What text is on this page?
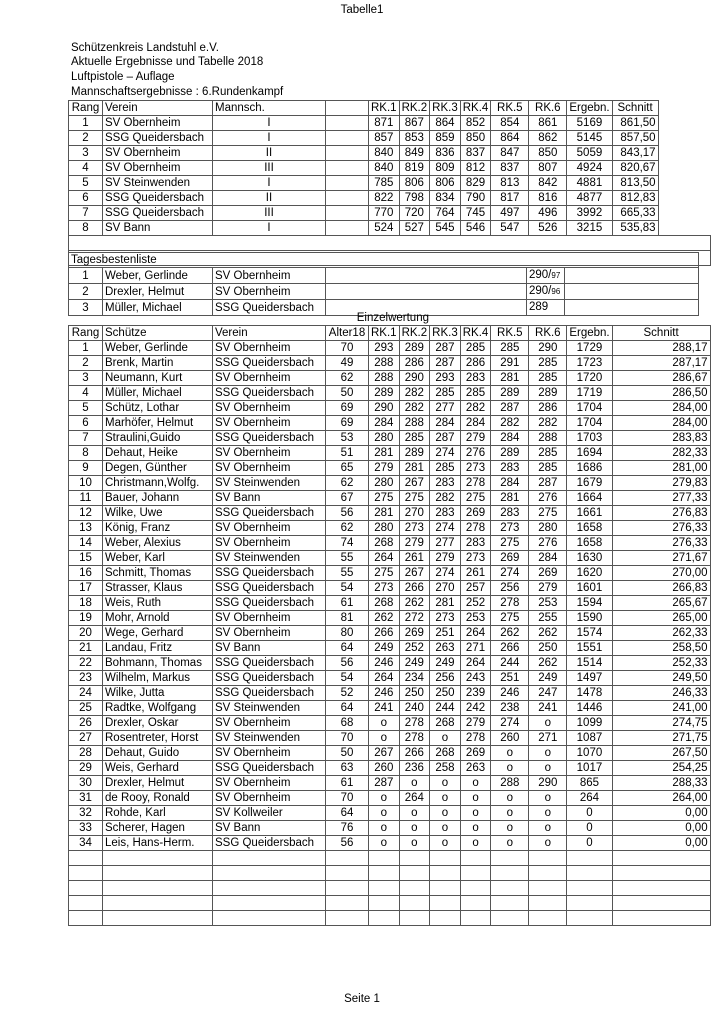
Tabelle1
Schützenkreis Landstuhl e.V.
Aktuelle Ergebnisse und Tabelle 2018
Luftpistole – Auflage
Mannschaftsergebnisse : 6.Rundenkampf
Rang	Verein	Mannsch.		RK.1	RK.2	RK.3	RK.4	RK.5	RK.6	Ergebn.	Schnitt
1	SV Obernheim	I		871	867	864	852	854	861	5169	861,50
2	SSG Queidersbach	I		857	853	859	850	864	862	5145	857,50
3	SV Obernheim	II		840	849	836	837	847	850	5059	843,17
4	SV Obernheim	III		840	819	809	812	837	807	4924	820,67
5	SV Steinwenden	I		785	806	806	829	813	842	4881	813,50
6	SSG Queidersbach	II		822	798	834	790	817	816	4877	812,83
7	SSG Queidersbach	III		770	720	764	745	497	496	3992	665,33
8	SV Bann	I		524	527	545	546	547	526	3215	535,83

Tagesbestenliste					
1	Weber, Gerlinde	SV Obernheim		290/97	
2	Drexler, Helmut	SV Obernheim		290/96	
3	Müller, Michael	SSG Queidersbach		289	
			Einzelwertung								
Rang	Schütze	Verein	Alter18	RK.1	RK.2	RK.3	RK.4	RK.5	RK.6	Ergebn.	Schnitt
1	Weber, Gerlinde	SV Obernheim	70	293	289	287	285	285	290	1729	288,17
2	Brenk, Martin	SSG Queidersbach	49	288	286	287	286	291	285	1723	287,17
3	Neumann, Kurt	SV Obernheim	62	288	290	293	283	281	285	1720	286,67
4	Müller, Michael	SSG Queidersbach	50	289	282	285	285	289	289	1719	286,50
5	Schütz, Lothar	SV Obernheim	69	290	282	277	282	287	286	1704	284,00
6	Marhöfer, Helmut	SV Obernheim	69	284	288	284	284	282	282	1704	284,00
7	Straulini,Guido	SSG Queidersbach	53	280	285	287	279	284	288	1703	283,83
8	Dehaut, Heike	SV Obernheim	51	281	289	274	276	289	285	1694	282,33
9	Degen, Günther	SV Obernheim	65	279	281	285	273	283	285	1686	281,00
10	Christmann,Wolfg.	SV Steinwenden	62	280	267	283	278	284	287	1679	279,83
11	Bauer, Johann	SV Bann	67	275	275	282	275	281	276	1664	277,33
12	Wilke, Uwe	SSG Queidersbach	56	281	270	283	269	283	275	1661	276,83
13	König, Franz	SV Obernheim	62	280	273	274	278	273	280	1658	276,33
14	Weber, Alexius	SV Obernheim	74	268	279	277	283	275	276	1658	276,33
15	Weber, Karl	SV Steinwenden	55	264	261	279	273	269	284	1630	271,67
16	Schmitt, Thomas	SSG Queidersbach	55	275	267	274	261	274	269	1620	270,00
17	Strasser, Klaus	SSG Queidersbach	54	273	266	270	257	256	279	1601	266,83
18	Weis, Ruth	SSG Queidersbach	61	268	262	281	252	278	253	1594	265,67
19	Mohr, Arnold	SV Obernheim	81	262	272	273	253	275	255	1590	265,00
20	Wege, Gerhard	SV Obernheim	80	266	269	251	264	262	262	1574	262,33
21	Landau, Fritz	SV Bann	64	249	252	263	271	266	250	1551	258,50
22	Bohmann, Thomas	SSG Queidersbach	56	246	249	249	264	244	262	1514	252,33
23	Wilhelm, Markus	SSG Queidersbach	54	264	234	256	243	251	249	1497	249,50
24	Wilke, Jutta	SSG Queidersbach	52	246	250	250	239	246	247	1478	246,33
25	Radtke, Wolfgang	SV Steinwenden	64	241	240	244	242	238	241	1446	241,00
26	Drexler, Oskar	SV Obernheim	68	o	278	268	279	274	o	1099	274,75
27	Rosentreter, Horst	SV Steinwenden	70	o	278	o	278	260	271	1087	271,75
28	Dehaut, Guido	SV Obernheim	50	267	266	268	269	o	o	1070	267,50
29	Weis, Gerhard	SSG Queidersbach	63	260	236	258	263	o	o	1017	254,25
30	Drexler, Helmut	SV Obernheim	61	287	o	o	o	288	290	865	288,33
31	de Rooy, Ronald	SV Obernheim	70	o	264	o	o	o	o	264	264,00
32	Rohde, Karl	SV Kollweiler	64	o	o	o	o	o	o	0	0,00
33	Scherer, Hagen	SV Bann	76	o	o	o	o	o	o	0	0,00
34	Leis, Hans-Herm.	SSG Queidersbach	56	o	o	o	o	o	o	0	0,00

Seite 1
